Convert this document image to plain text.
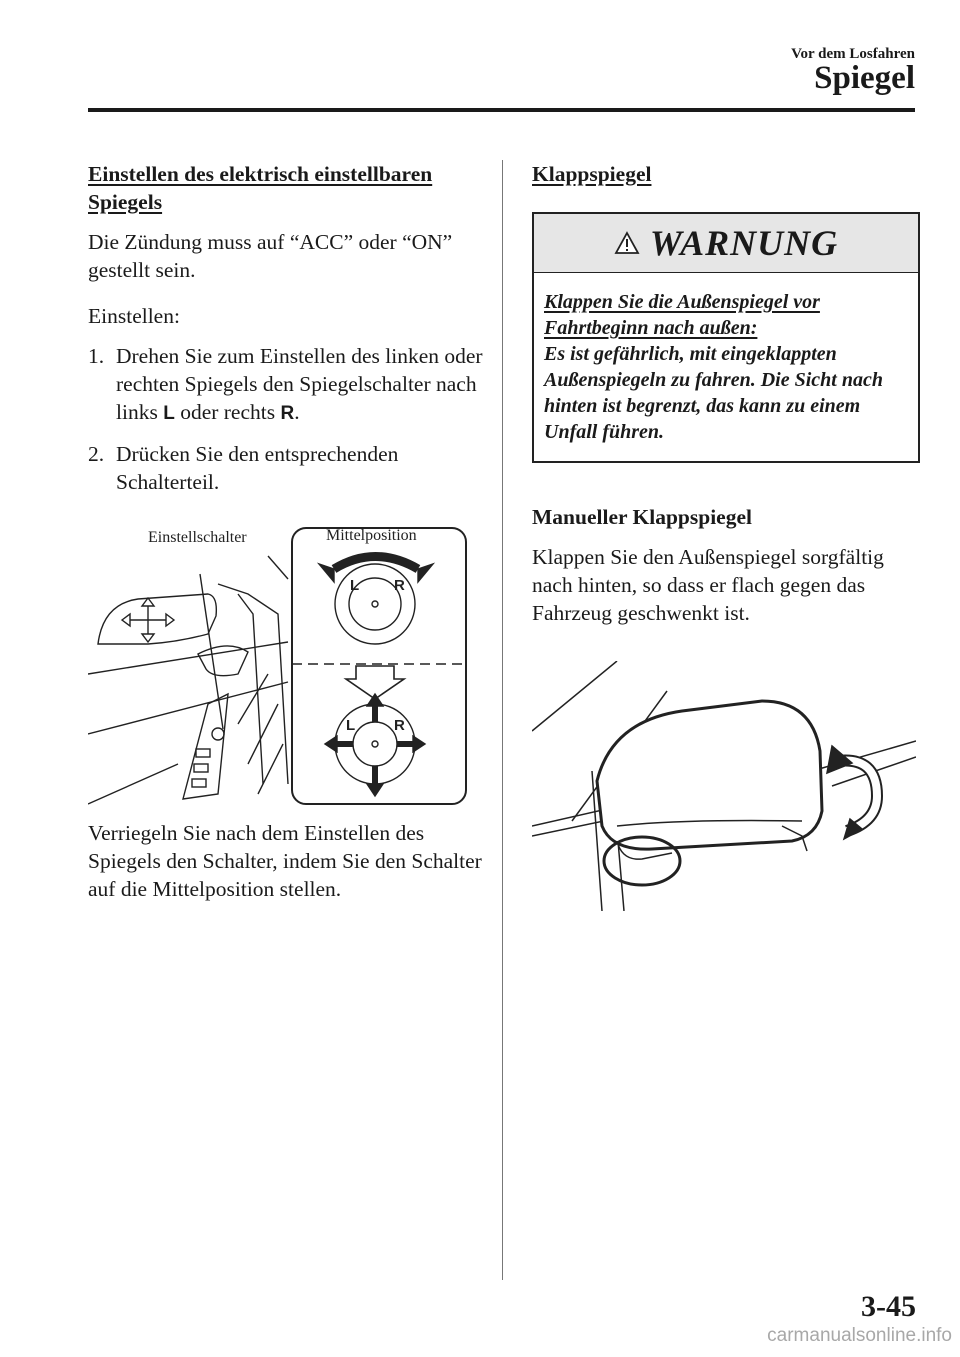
Vor dem Losfahren
Spiegel

Einstellen des elektrisch einstellbaren Spiegels

Die Zündung muss auf “ACC” oder “ON” gestellt sein.

Einstellen:

1. Drehen Sie zum Einstellen des linken oder rechten Spiegels den Spiegelschalter nach links L oder rechts R.
2. Drücken Sie den entsprechenden Schalterteil.
L R
L	R
Einstellschalter	Mittelposition

Verriegeln Sie nach dem Einstellen des Spiegels den Schalter, indem Sie den Schalter auf die Mittelposition stellen.

Klappspiegel

WARNUNG
Klappen Sie die Außenspiegel vor Fahrtbeginn nach außen:
Es ist gefährlich, mit eingeklappten Außenspiegeln zu fahren. Die Sicht nach hinten ist begrenzt, das kann zu einem Unfall führen.

Manueller Klappspiegel

Klappen Sie den Außenspiegel sorgfältig nach hinten, so dass er flach gegen das Fahrzeug geschwenkt ist.

3-45
carmanualsonline.info
